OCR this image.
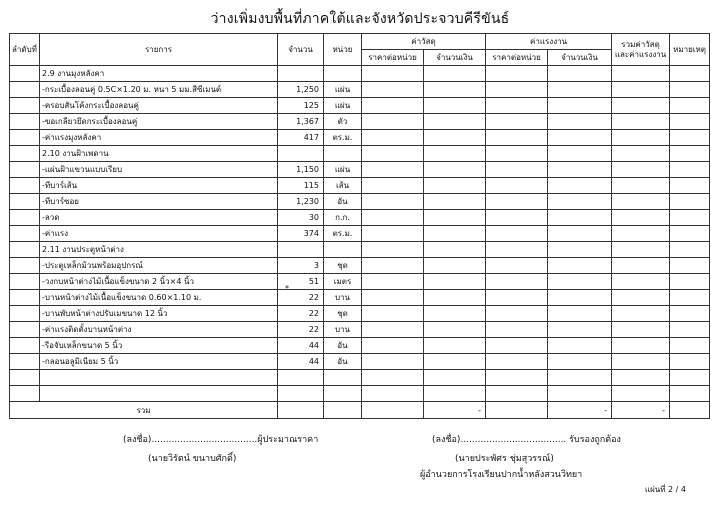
ว่างเพิ่มงบพื้นที่ภาคใต้และจังหวัดประจวบคีรีขันธ์
ลำดับที่	รายการ	จำนวน	หน่วย	ค่าวัสดุ		ค่าแรงงาน		รวมค่าวัสดุ และค่าแรงงาน	หมายเหตุ
				ราคาต่อหน่วย	จำนวนเงิน	ราคาต่อหน่วย	จำนวนเงิน		
	2.9 งานมุงหลังคา								
	-กระเบื้องลอนคู่ 0.5C×1.20 ม. หนา 5 มม.สีซีเมนต์	1,250	แผ่น						
	-ครอบสันโค้งกระเบื้องลอนคู่	125	แผ่น						
	-ขอเกลียวยึดกระเบื้องลอนคู่	1,367	ตัว						
	-ค่าแรงมุงหลังคา	417	ตร.ม.						
	2.10 งานฝ้าเพดาน								
	-แผ่นฝ้าแขวนแบบเรียบ	1,150	แผ่น						
	-ทีบาร์เส้น	115	เส้น						
	-ทีบาร์ซอย	1,230	อัน						
	-ลวด	30	ก.ก.						
	-ค่าแรง	374	ตร.ม.						
	2.11 งานประตูหน้าต่าง								
	-ประตูเหล็กม้วนพร้อมอุปกรณ์	3	ชุด						
	-วงกบหน้าต่างไม้เนื้อแข็งขนาด 2 นิ้ว×4 นิ้ว	51	เมตร						
	-บานหน้าต่างไม้เนื้อแข็งขนาด 0.60×1.10 ม.	22	บาน						
	-บานพับหน้าต่างปรับเมขนาด 12 นิ้ว	22	ชุด						
	-ค่าแรงติดตั้งบานหน้าต่าง	22	บาน						
	-รีอจับเหล็กขนาด 5 นิ้ว	44	อัน						
	-กลอนอลูมิเนียม 5 นิ้ว	44	อัน						

รวม					-		-	-	
*
(ลงชื่อ).....................................ผู้ประมาณราคา
(นายวิรัตน์ ขนาบศักดิ์)
(ลงชื่อ)..................................... รับรองถูกต้อง
(นายประพัศร ชุ่มสุวรรณ์)
ผู้อำนวยการโรงเรียนปากน้ำหลังสวนวิทยา
แผ่นที่ 2 / 4
